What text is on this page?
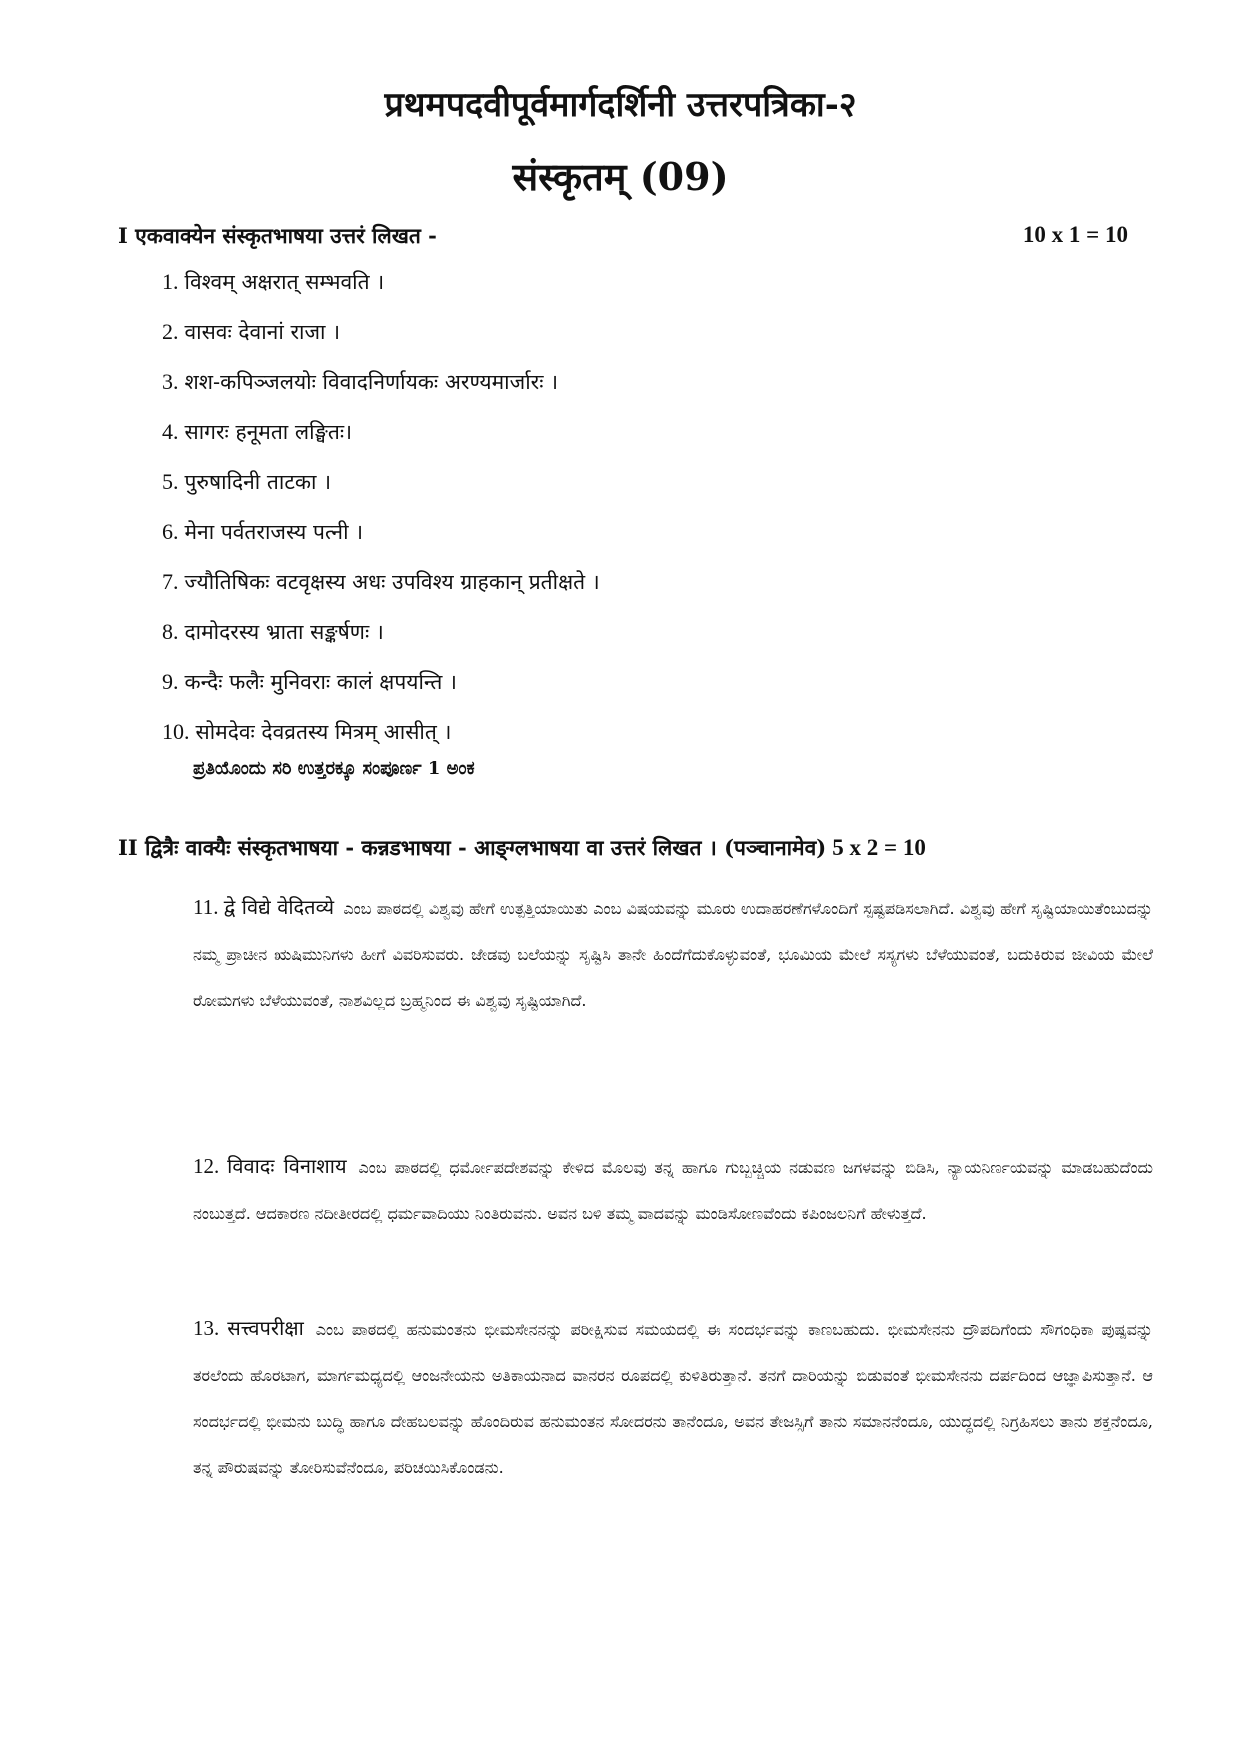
प्रथमपदवीपूर्वमार्गदर्शिनी उत्तरपत्रिका-२
संस्कृतम् (09)
I एकवाक्येन संस्कृतभाषया उत्तरं लिखत -	10 x 1 = 10
1. विश्वम् अक्षरात् सम्भवति ।
2. वासवः देवानां राजा ।
3. शश-कपिञ्जलयोः विवादनिर्णायकः अरण्यमार्जारः ।
4. सागरः हनूमता लङ्घितः।
5. पुरुषादिनी ताटका ।
6. मेना पर्वतराजस्य पत्नी ।
7. ज्यौतिषिकः वटवृक्षस्य अधः उपविश्य ग्राहकान् प्रतीक्षते ।
8. दामोदरस्य भ्राता सङ्कर्षणः ।
9. कन्दैः फलैः मुनिवराः कालं क्षपयन्ति ।
10. सोमदेवः देवव्रतस्य मित्रम् आसीत् ।
ಪ್ರತಿಯೊಂದು ಸರಿ ಉತ್ತರಕ್ಕೂ ಸಂಪೂರ್ಣ 1 ಅಂಕ
II द्वित्रैः वाक्यैः संस्कृतभाषया - कन्नडभाषया - आङ्ग्लभाषया वा उत्तरं लिखत । (पञ्चानामेव) 5 x 2 = 10

11. द्वे विद्ये वेदितव्ये ಎಂಬ ಪಾಠದಲ್ಲಿ ವಿಶ್ವವು ಹೇಗೆ ಉತ್ಪತ್ತಿಯಾಯಿತು ಎಂಬ ವಿಷಯವನ್ನು ಮೂರು ಉದಾಹರಣೆಗಳೊಂದಿಗೆ ಸ್ಪಷ್ಟಪಡಿಸಲಾಗಿದೆ. ವಿಶ್ವವು ಹೇಗೆ ಸೃಷ್ಟಿಯಾಯಿತೆಂಬುದನ್ನು ನಮ್ಮ ಪ್ರಾಚೀನ ಋಷಿಮುನಿಗಳು ಹೀಗೆ ವಿವರಿಸುವರು. ಜೇಡವು ಬಲೆಯನ್ನು ಸೃಷ್ಟಿಸಿ ತಾನೇ ಹಿಂದೆಗೆದುಕೊಳ್ಳುವಂತೆ, ಭೂಮಿಯ ಮೇಲೆ ಸಸ್ಯಗಳು ಬೆಳೆಯುವಂತೆ, ಬದುಕಿರುವ ಜೀವಿಯ ಮೇಲೆ ರೋಮಗಳು ಬೆಳೆಯುವಂತೆ, ನಾಶವಿಲ್ಲದ ಬ್ರಹ್ಮನಿಂದ ಈ ವಿಶ್ವವು ಸೃಷ್ಟಿಯಾಗಿದೆ.

12. विवादः विनाशाय ಎಂಬ ಪಾಠದಲ್ಲಿ ಧರ್ಮೋಪದೇಶವನ್ನು ಕೇಳಿದ ಮೊಲವು ತನ್ನ ಹಾಗೂ ಗುಬ್ಬಚ್ಚಿಯ ನಡುವಣ ಜಗಳವನ್ನು ಬಿಡಿಸಿ, ನ್ಯಾಯನಿರ್ಣಯವನ್ನು ಮಾಡಬಹುದೆಂದು ನಂಬುತ್ತದೆ. ಆದಕಾರಣ ನದೀತೀರದಲ್ಲಿ ಧರ್ಮವಾದಿಯು ನಿಂತಿರುವನು. ಅವನ ಬಳಿ ತಮ್ಮ ವಾದವನ್ನು ಮಂಡಿಸೋಣವೆಂದು ಕಪಿಂಜಲನಿಗೆ ಹೇಳುತ್ತದೆ.

13. सत्त्वपरीक्षा ಎಂಬ ಪಾಠದಲ್ಲಿ ಹನುಮಂತನು ಭೀಮಸೇನನನ್ನು ಪರೀಕ್ಷಿಸುವ ಸಮಯದಲ್ಲಿ ಈ ಸಂದರ್ಭವನ್ನು ಕಾಣಬಹುದು. ಭೀಮಸೇನನು ದ್ರೌಪದಿಗೆಂದು ಸೌಗಂಧಿಕಾ ಪುಷ್ಪವನ್ನು ತರಲೆಂದು ಹೊರಟಾಗ, ಮಾರ್ಗಮಧ್ಯದಲ್ಲಿ ಆಂಜನೇಯನು ಅತಿಕಾಯನಾದ ವಾನರನ ರೂಪದಲ್ಲಿ ಕುಳಿತಿರುತ್ತಾನೆ. ತನಗೆ ದಾರಿಯನ್ನು ಬಿಡುವಂತೆ ಭೀಮಸೇನನು ದರ್ಪದಿಂದ ಆಜ್ಞಾಪಿಸುತ್ತಾನೆ. ಆ ಸಂದರ್ಭದಲ್ಲಿ ಭೀಮನು ಬುದ್ಧಿ ಹಾಗೂ ದೇಹಬಲವನ್ನು ಹೊಂದಿರುವ ಹನುಮಂತನ ಸೋದರನು ತಾನೆಂದೂ, ಅವನ ತೇಜಸ್ಸಿಗೆ ತಾನು ಸಮಾನನೆಂದೂ, ಯುದ್ಧದಲ್ಲಿ ನಿಗ್ರಹಿಸಲು ತಾನು ಶಕ್ತನೆಂದೂ, ತನ್ನ ಪೌರುಷವನ್ನು ತೋರಿಸುವೆನೆಂದೂ, ಪರಿಚಯಿಸಿಕೊಂಡನು.
